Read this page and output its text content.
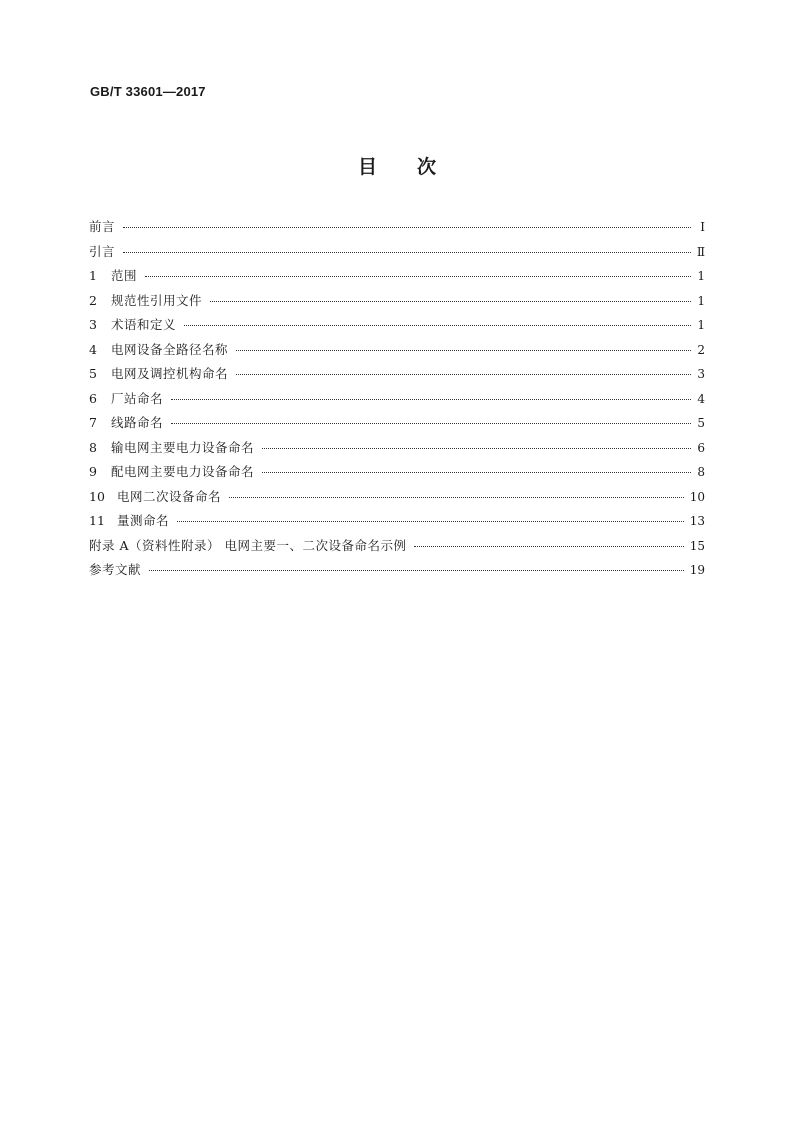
GB/T 33601—2017
目次
前言	Ⅰ
引言	Ⅱ
1	范围	1
2	规范性引用文件	1
3	术语和定义	1
4	电网设备全路径名称	2
5	电网及调控机构命名	3
6	厂站命名	4
7	线路命名	5
8	输电网主要电力设备命名	6
9	配电网主要电力设备命名	8
10 电网二次设备命名	10
11 量测命名	13
附录 A（资料性附录） 电网主要一、二次设备命名示例	15
参考文献	19
